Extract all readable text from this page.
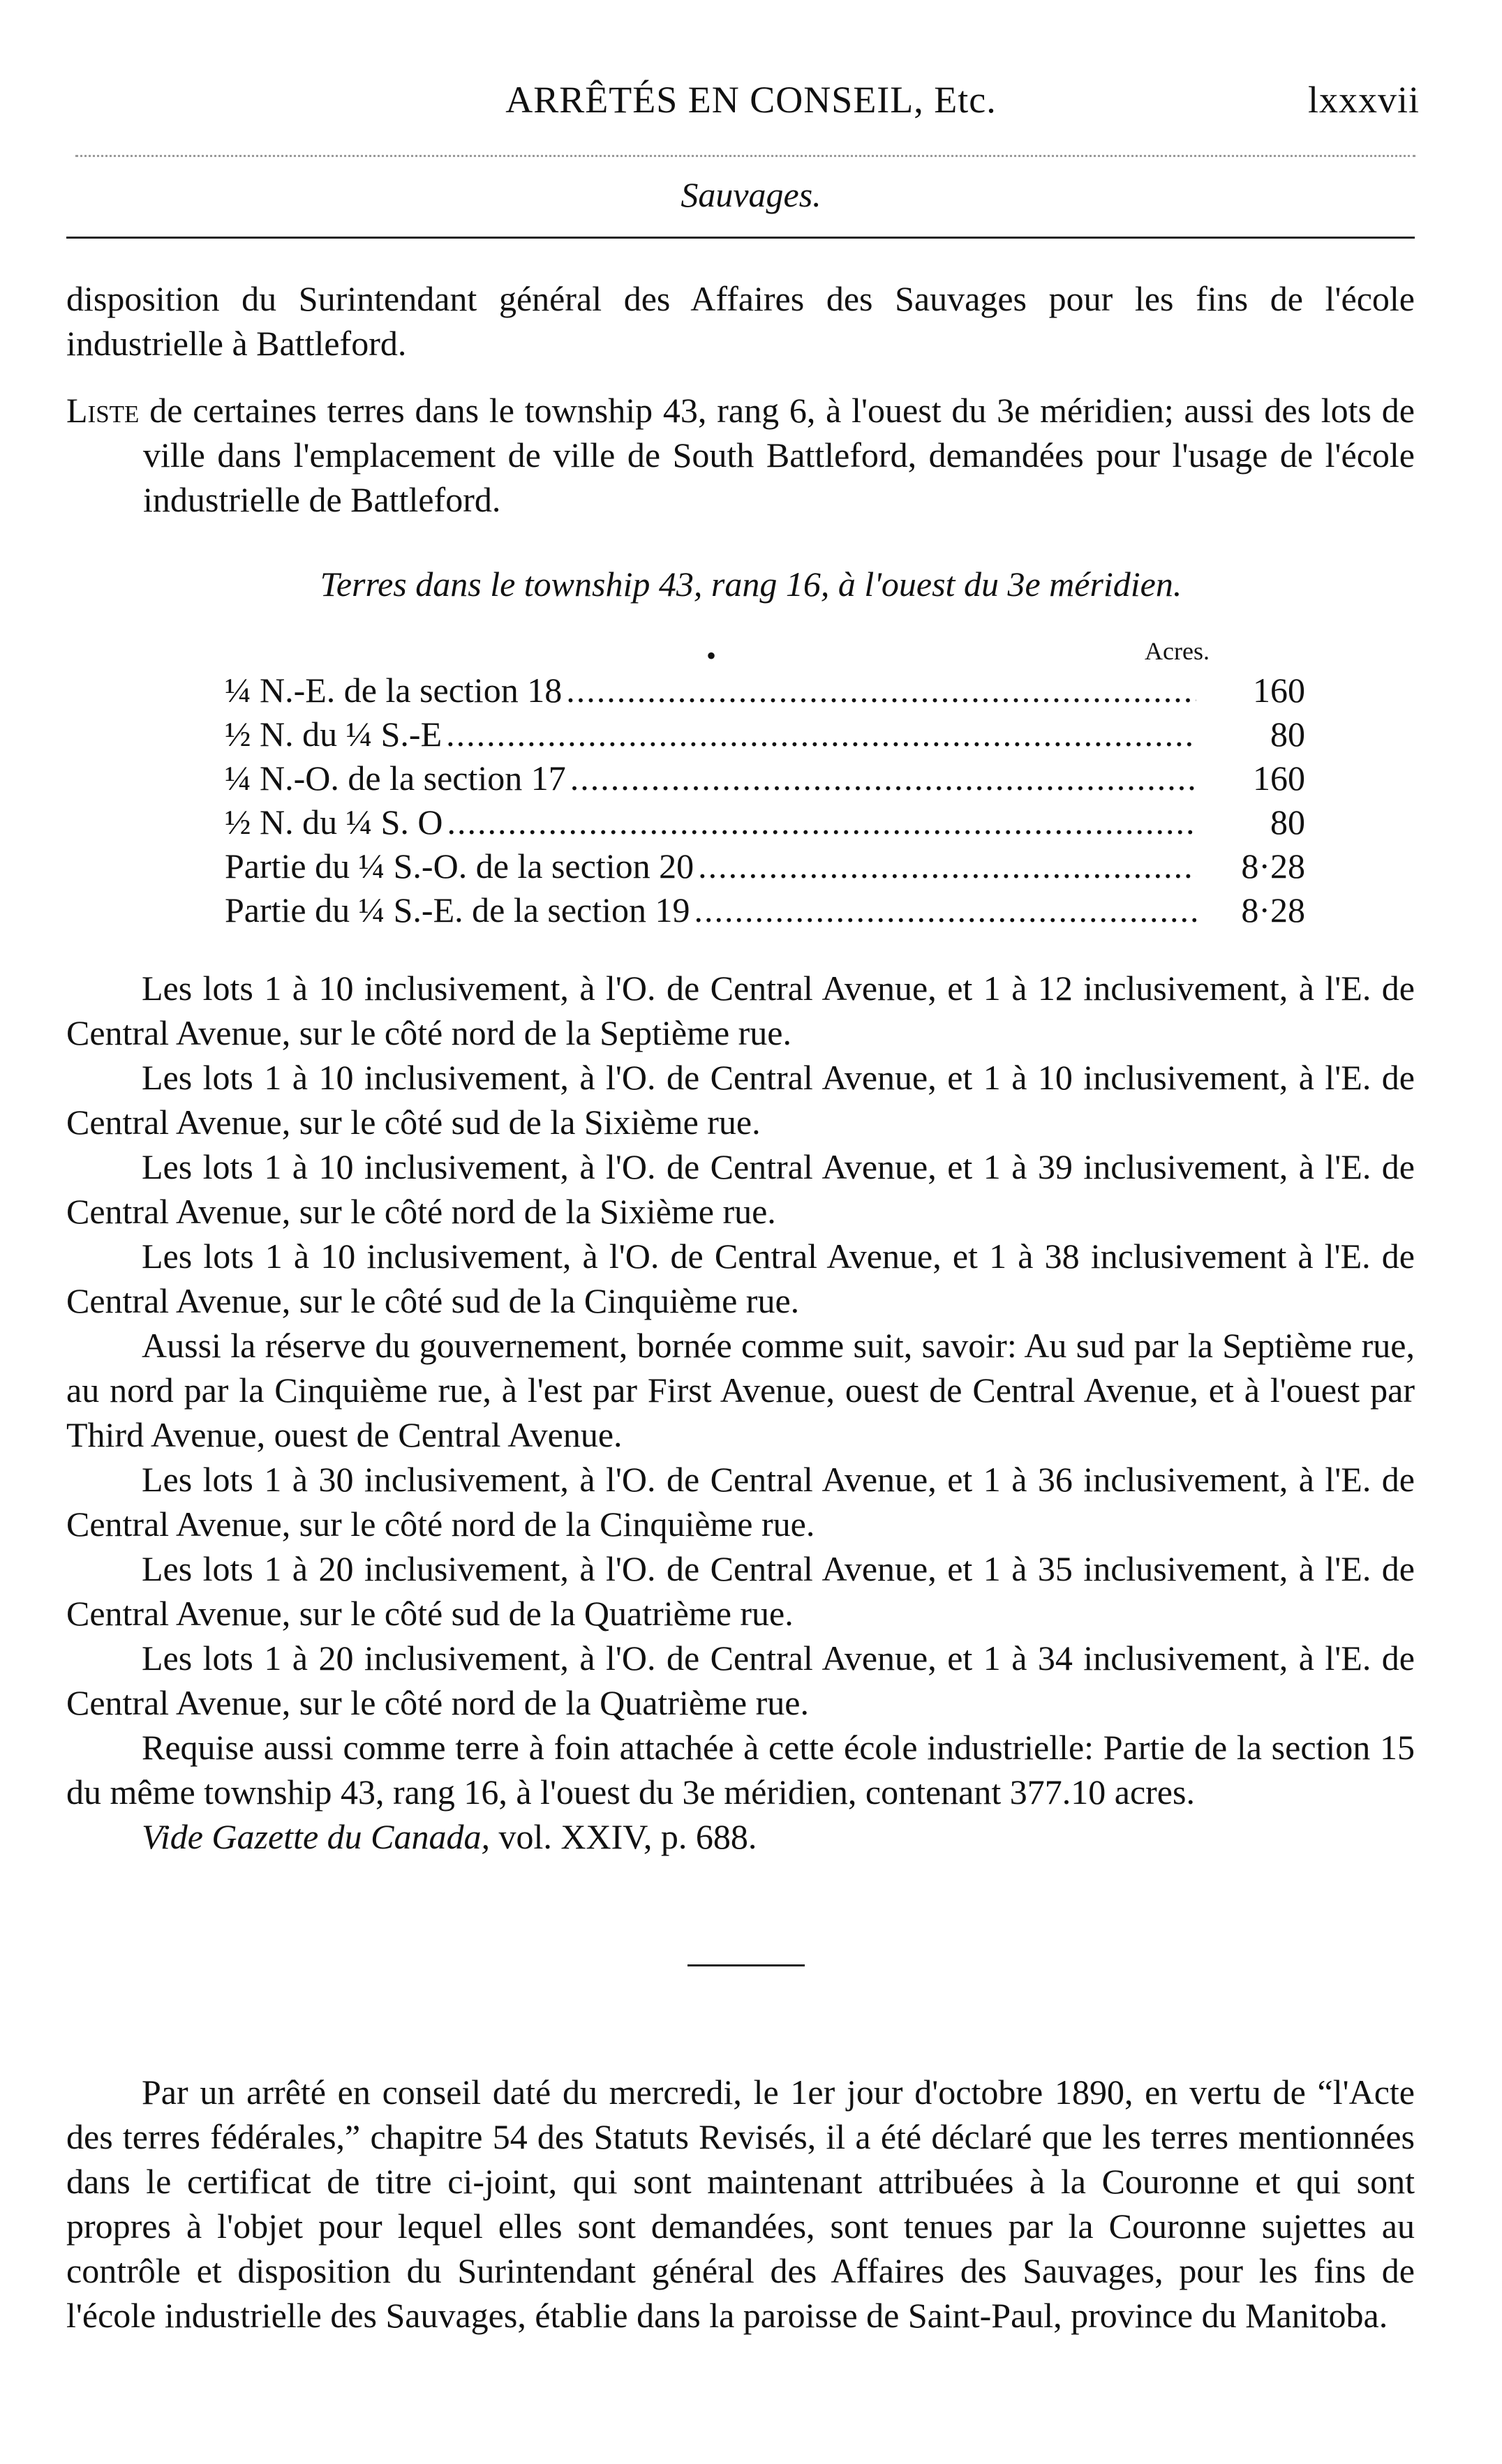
ARRÊTÉS EN CONSEIL, Etc.	lxxxvii
Sauvages.

disposition du Surintendant général des Affaires des Sauvages pour les fins de l'école industrielle à Battleford.

Liste de certaines terres dans le township 43, rang 6, à l'ouest du 3e méridien; aussi des lots de ville dans l'emplacement de ville de South Battleford, demandées pour l'usage de l'école industrielle de Battleford.

Terres dans le township 43, rang 16, à l'ouest du 3e méridien.
•	Acres.
¼ N.-E. de la section 18 .....	160
½ N. du ¼ S.-E .....	80
¼ N.-O. de la section 17 .....	160
½ N. du ¼ S. O .....	80
Partie du ¼ S.-O. de la section 20 .....	8·28
Partie du ¼ S.-E. de la section 19 .....	8·28

Les lots 1 à 10 inclusivement, à l'O. de Central Avenue, et 1 à 12 inclusivement, à l'E. de Central Avenue, sur le côté nord de la Septième rue.

Les lots 1 à 10 inclusivement, à l'O. de Central Avenue, et 1 à 10 inclusivement, à l'E. de Central Avenue, sur le côté sud de la Sixième rue.

Les lots 1 à 10 inclusivement, à l'O. de Central Avenue, et 1 à 39 inclusivement, à l'E. de Central Avenue, sur le côté nord de la Sixième rue.

Les lots 1 à 10 inclusivement, à l'O. de Central Avenue, et 1 à 38 inclusivement à l'E. de Central Avenue, sur le côté sud de la Cinquième rue.

Aussi la réserve du gouvernement, bornée comme suit, savoir: Au sud par la Septième rue, au nord par la Cinquième rue, à l'est par First Avenue, ouest de Central Avenue, et à l'ouest par Third Avenue, ouest de Central Avenue.

Les lots 1 à 30 inclusivement, à l'O. de Central Avenue, et 1 à 36 inclusivement, à l'E. de Central Avenue, sur le côté nord de la Cinquième rue.

Les lots 1 à 20 inclusivement, à l'O. de Central Avenue, et 1 à 35 inclusivement, à l'E. de Central Avenue, sur le côté sud de la Quatrième rue.

Les lots 1 à 20 inclusivement, à l'O. de Central Avenue, et 1 à 34 inclusivement, à l'E. de Central Avenue, sur le côté nord de la Quatrième rue.

Requise aussi comme terre à foin attachée à cette école industrielle: Partie de la section 15 du même township 43, rang 16, à l'ouest du 3e méridien, contenant 377.10 acres.

Vide Gazette du Canada, vol. XXIV, p. 688.

Par un arrêté en conseil daté du mercredi, le 1er jour d'octobre 1890, en vertu de “l'Acte des terres fédérales,” chapitre 54 des Statuts Revisés, il a été déclaré que les terres mentionnées dans le certificat de titre ci-joint, qui sont maintenant attribuées à la Couronne et qui sont propres à l'objet pour lequel elles sont demandées, sont tenues par la Couronne sujettes au contrôle et disposition du Surintendant général des Affaires des Sauvages, pour les fins de l'école industrielle des Sauvages, établie dans la paroisse de Saint-Paul, province du Manitoba.
